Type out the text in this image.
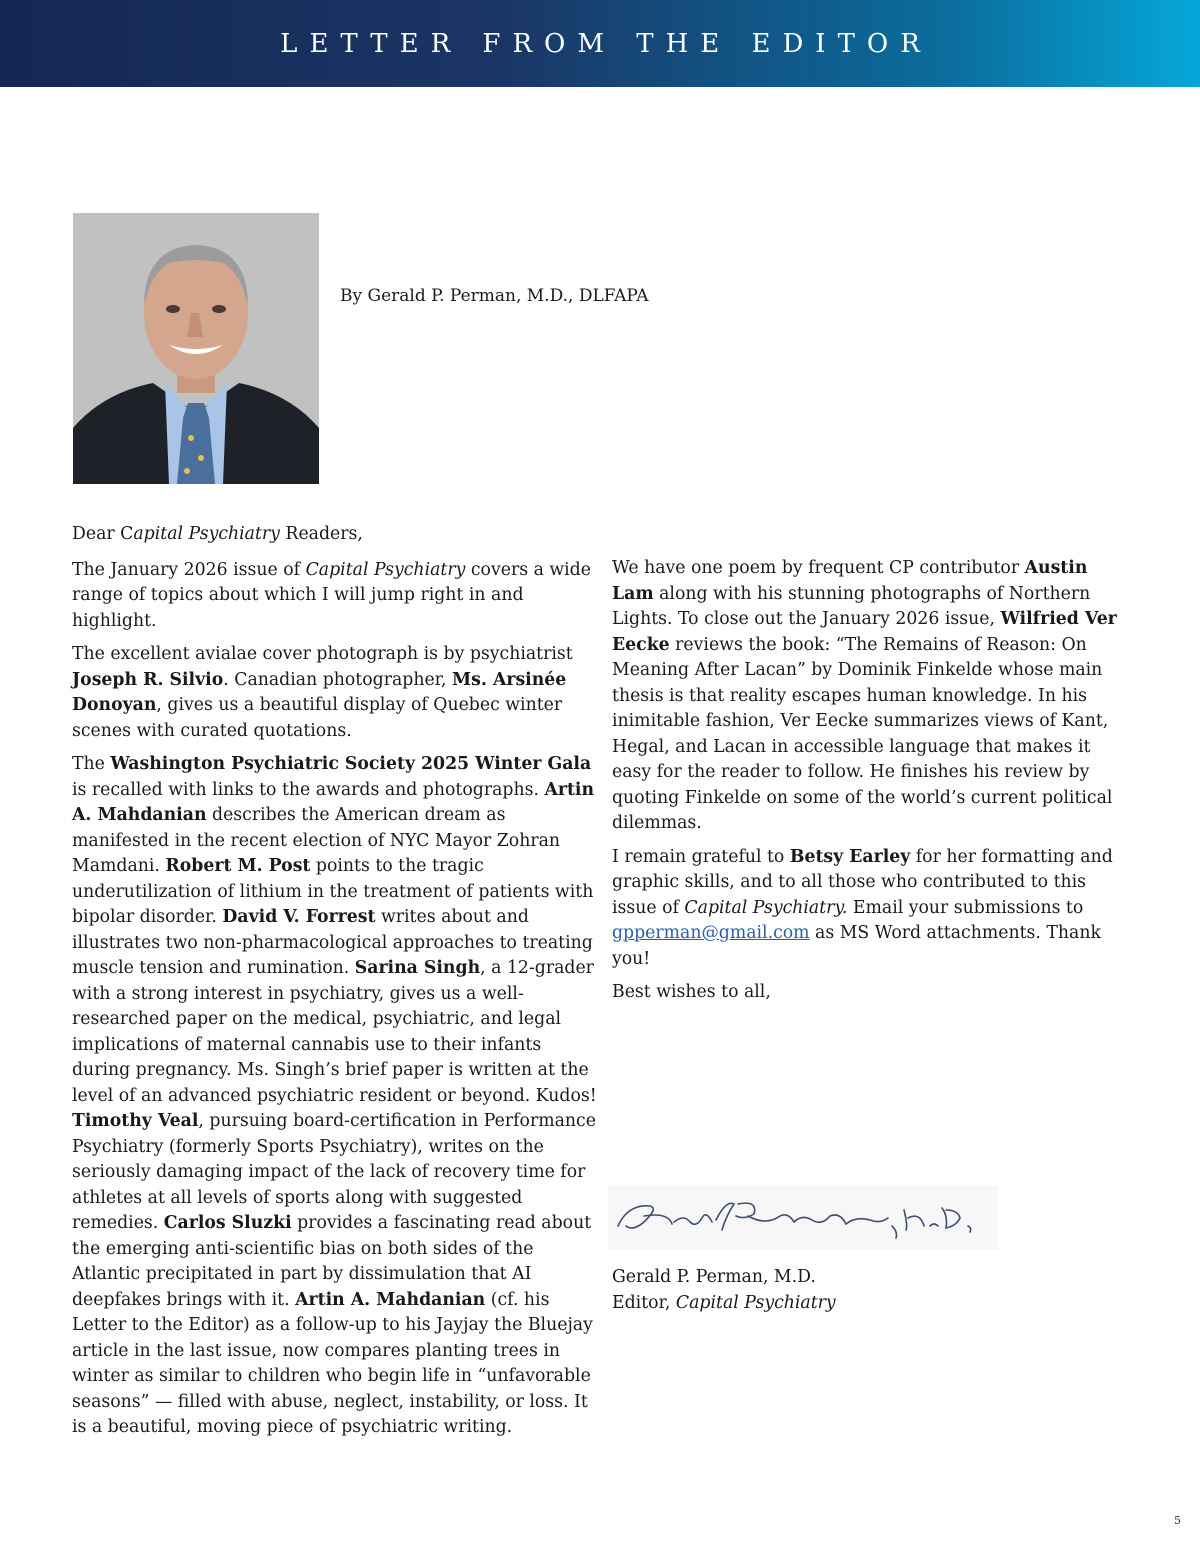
LETTER FROM THE EDITOR
By Gerald P. Perman, M.D., DLFAPA

Dear Capital Psychiatry Readers,

The January 2026 issue of Capital Psychiatry covers a wide range of topics about which I will jump right in and highlight.

The excellent avialae cover photograph is by psychiatrist Joseph R. Silvio. Canadian photographer, Ms. Arsinée Donoyan, gives us a beautiful display of Quebec winter scenes with curated quotations.

The Washington Psychiatric Society 2025 Winter Gala is recalled with links to the awards and photographs. Artin A. Mahdanian describes the American dream as manifested in the recent election of NYC Mayor Zohran Mamdani. Robert M. Post points to the tragic underutilization of lithium in the treatment of patients with bipolar disorder. David V. Forrest writes about and illustrates two non-pharmacological approaches to treating muscle tension and rumination. Sarina Singh, a 12-grader with a strong interest in psychiatry, gives us a well-researched paper on the medical, psychiatric, and legal implications of maternal cannabis use to their infants during pregnancy. Ms. Singh’s brief paper is written at the level of an advanced psychiatric resident or beyond. Kudos! Timothy Veal, pursuing board-certification in Performance Psychiatry (formerly Sports Psychiatry), writes on the seriously damaging impact of the lack of recovery time for athletes at all levels of sports along with suggested remedies. Carlos Sluzki provides a fascinating read about the emerging anti-scientific bias on both sides of the Atlantic precipitated in part by dissimulation that AI deepfakes brings with it. Artin A. Mahdanian (cf. his Letter to the Editor) as a follow-up to his Jayjay the Bluejay article in the last issue, now compares planting trees in winter as similar to children who begin life in “unfavorable seasons” — filled with abuse, neglect, instability, or loss. It is a beautiful, moving piece of psychiatric writing.

We have one poem by frequent CP contributor Austin Lam along with his stunning photographs of Northern Lights. To close out the January 2026 issue, Wilfried Ver Eecke reviews the book: “The Remains of Reason: On Meaning After Lacan” by Dominik Finkelde whose main thesis is that reality escapes human knowledge. In his inimitable fashion, Ver Eecke summarizes views of Kant, Hegal, and Lacan in accessible language that makes it easy for the reader to follow. He finishes his review by quoting Finkelde on some of the world’s current political dilemmas.

I remain grateful to Betsy Earley for her formatting and graphic skills, and to all those who contributed to this issue of Capital Psychiatry. Email your submissions to gpperman@gmail.com as MS Word attachments. Thank you!

Best wishes to all,

Gerald P. Perman, M.D.

Editor, Capital Psychiatry

5
